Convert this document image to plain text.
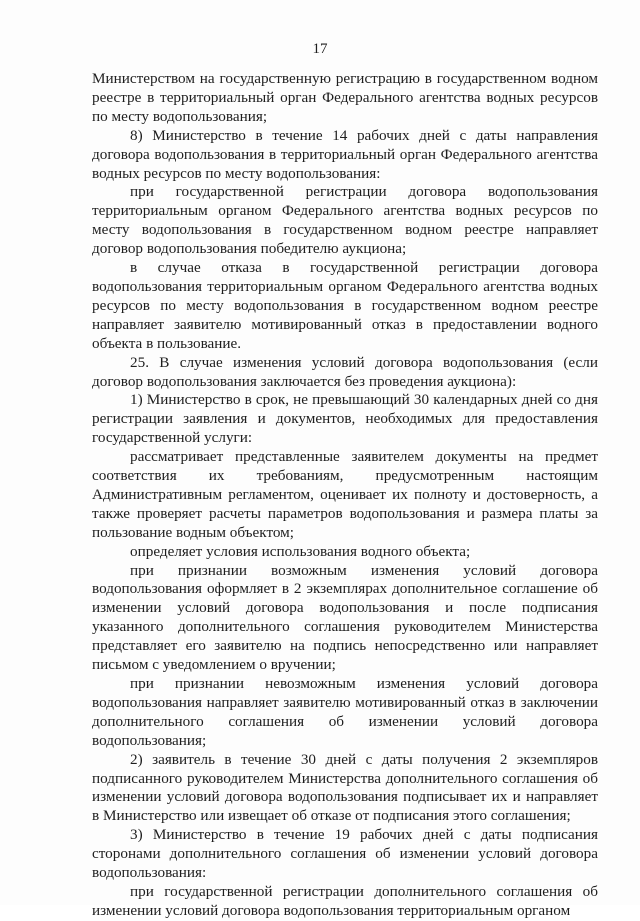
17

Министерством на государственную регистрацию в государственном водном реестре в территориальный орган Федерального агентства водных ресурсов по месту водопользования;

8) Министерство в течение 14 рабочих дней с даты направления договора водопользования в территориальный орган Федерального агентства водных ресурсов по месту водопользования:

при государственной регистрации договора водопользования территориальным органом Федерального агентства водных ресурсов по месту водопользования в государственном водном реестре направляет договор водопользования победителю аукциона;

в случае отказа в государственной регистрации договора водопользования территориальным органом Федерального агентства водных ресурсов по месту водопользования в государственном водном реестре направляет заявителю мотивированный отказ в предоставлении водного объекта в пользование.

25. В случае изменения условий договора водопользования (если договор водопользования заключается без проведения аукциона):

1) Министерство в срок, не превышающий 30 календарных дней со дня регистрации заявления и документов, необходимых для предоставления государственной услуги:

рассматривает представленные заявителем документы на предмет соответствия их требованиям, предусмотренным настоящим Административным регламентом, оценивает их полноту и достоверность, а также проверяет расчеты параметров водопользования и размера платы за пользование водным объектом;

определяет условия использования водного объекта;

при признании возможным изменения условий договора водопользования оформляет в 2 экземплярах дополнительное соглашение об изменении условий договора водопользования и после подписания указанного дополнительного соглашения руководителем Министерства представляет его заявителю на подпись непосредственно или направляет письмом с уведомлением о вручении;

при признании невозможным изменения условий договора водопользования направляет заявителю мотивированный отказ в заключении дополнительного соглашения об изменении условий договора водопользования;

2) заявитель в течение 30 дней с даты получения 2 экземпляров подписанного руководителем Министерства дополнительного соглашения об изменении условий договора водопользования подписывает их и направляет в Министерство или извещает об отказе от подписания этого соглашения;

3) Министерство в течение 19 рабочих дней с даты подписания сторонами дополнительного соглашения об изменении условий договора водопользования:

при государственной регистрации дополнительного соглашения об изменении условий договора водопользования территориальным органом
